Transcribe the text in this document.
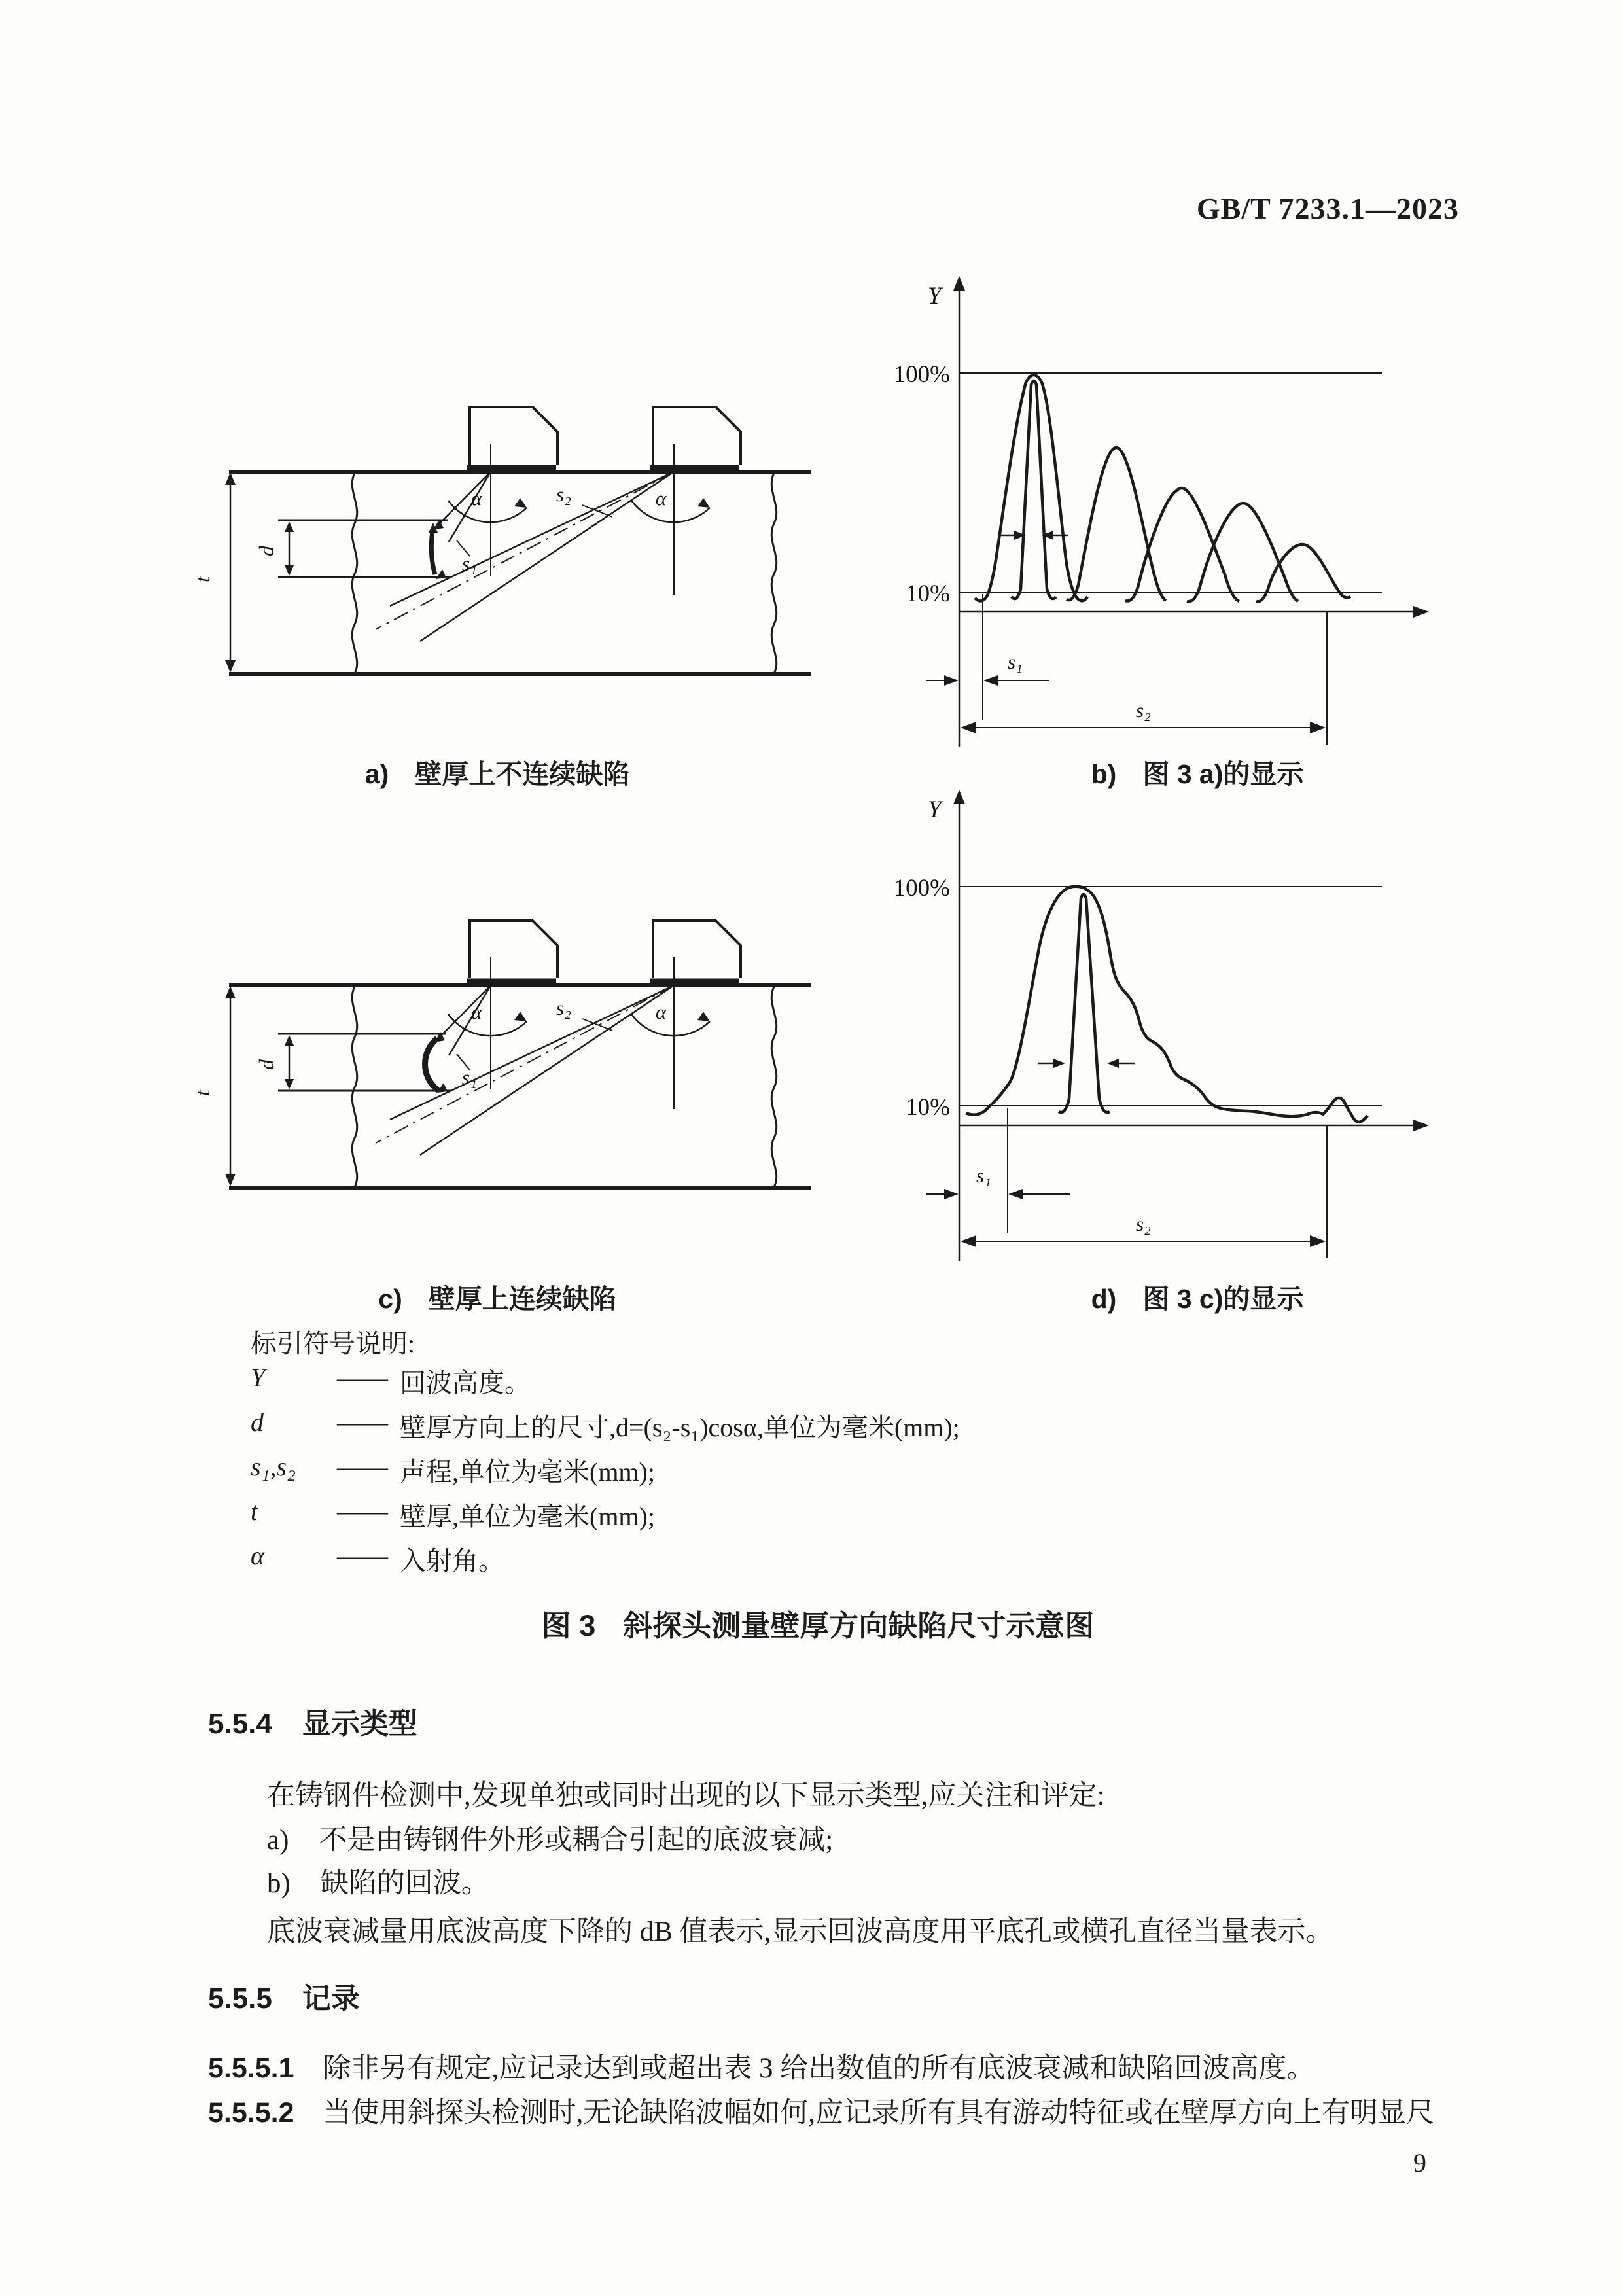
GB/T 7233.1—2023
t
d
α	α
s₁
s₂
Y
100%
10%
s₁
s₂
a) 壁厚上不连续缺陷	b) 图 3 a)的显示
t
d
α	α
s₁
s₂
Y
100%
10%
s₁
s₂
c) 壁厚上连续缺陷	d) 图 3 c)的显示
标引符号说明:
Y	—— 回波高度。
d	—— 壁厚方向上的尺寸,d=(s₂-s₁)cosα,单位为毫米(mm);
s₁,s₂	—— 声程,单位为毫米(mm);
t	—— 壁厚,单位为毫米(mm);
α	—— 入射角。
图 3 斜探头测量壁厚方向缺陷尺寸示意图
5.5.4 显示类型
在铸钢件检测中,发现单独或同时出现的以下显示类型,应关注和评定:
a) 不是由铸钢件外形或耦合引起的底波衰减;
b) 缺陷的回波。
底波衰减量用底波高度下降的 dB 值表示,显示回波高度用平底孔或横孔直径当量表示。
5.5.5 记录
5.5.5.1 除非另有规定,应记录达到或超出表 3 给出数值的所有底波衰减和缺陷回波高度。
5.5.5.2 当使用斜探头检测时,无论缺陷波幅如何,应记录所有具有游动特征或在壁厚方向上有明显尺
9
